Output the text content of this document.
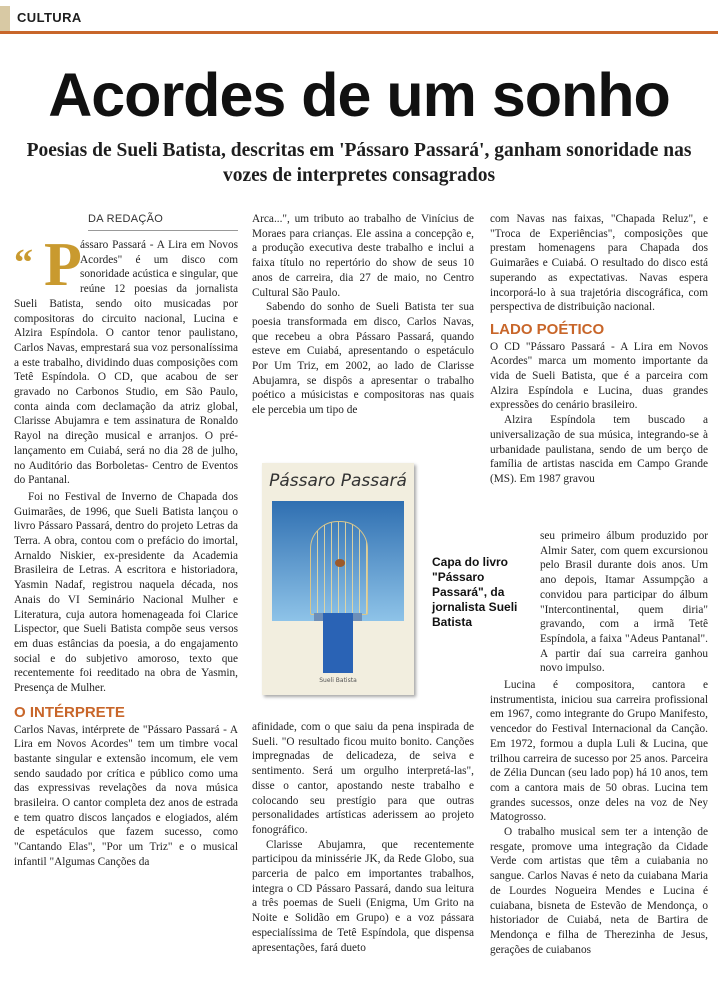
CULTURA
Acordes de um sonho
Poesias de Sueli Batista, descritas em 'Pássaro Passará', ganham sonoridade nas vozes de interpretes consagrados
DA REDAÇÃO
“ P

ássaro Passará - A Lira em Novos Acordes" é um disco com sonoridade acústica e singular, que reúne 12 poesias da jornalista Sueli Batista, sendo oito musicadas por compositoras do circuito nacional, Lucina e Alzira Espíndola. O cantor tenor paulistano, Carlos Navas, emprestará sua voz personalíssima a este trabalho, dividindo duas composições com Tetê Espíndola. O CD, que acabou de ser gravado no Carbonos Studio, em São Paulo, conta ainda com declamação da atriz global, Clarisse Abujamra e tem assinatura de Ronaldo Rayol na direção musical e arranjos. O pré-lançamento em Cuiabá, será no dia 28 de julho, no Auditório das Borboletas- Centro de Eventos do Pantanal.

Foi no Festival de Inverno de Chapada dos Guimarães, de 1996, que Sueli Batista lançou o livro Pássaro Passará, dentro do projeto Letras da Terra. A obra, contou com o prefácio do imortal, Arnaldo Niskier, ex-presidente da Academia Brasileira de Letras. A escritora e historiadora, Yasmin Nadaf, registrou naquela década, nos Anais do VI Seminário Nacional Mulher e Literatura, cuja autora homenageada foi Clarice Lispector, que Sueli Batista compõe seus versos em duas estâncias da poesia, a do engajamento social e do subjetivo amoroso, texto que recentemente foi reeditado na obra de Yasmin, Presença de Mulher.

O INTÉRPRETE

Carlos Navas, intérprete de "Pássaro Passará - A Lira em Novos Acordes" tem um timbre vocal bastante singular e extensão incomum, ele vem sendo saudado por crítica e público como uma das expressivas revelações da nova música brasileira. O cantor completa dez anos de estrada e tem quatro discos lançados e elogiados, além de espetáculos que fazem sucesso, como "Cantando Elas", "Por um Triz" e o musical infantil "Algumas Canções da

Arca...", um tributo ao trabalho de Vinícius de Moraes para crianças. Ele assina a concepção e, a produção executiva deste trabalho e inclui a faixa título no repertório do show de seus 10 anos de carreira, dia 27 de maio, no Centro Cultural São Paulo.

Sabendo do sonho de Sueli Batista ter sua poesia transformada em disco, Carlos Navas, que recebeu a obra Pássaro Passará, quando esteve em Cuiabá, apresentando o espetáculo Por Um Triz, em 2002, ao lado de Clarisse Abujamra, se dispôs a apresentar o trabalho poético a músicistas e compositoras nas quais ele percebia um tipo de

afinidade, com o que saiu da pena inspirada de Sueli. "O resultado ficou muito bonito. Canções impregnadas de delicadeza, de seiva e sentimento. Será um orgulho interpretá-las", disse o cantor, apostando neste trabalho e colocando seu prestígio para que outras personalidades artísticas aderissem ao projeto fonográfico.

Clarisse Abujamra, que recentemente participou da minissérie JK, da Rede Globo, sua parceria de palco em importantes trabalhos, integra o CD Pássaro Passará, dando sua leitura a três poemas de Sueli (Enigma, Um Grito na Noite e Solidão em Grupo) e a voz pássara especialíssima de Tetê Espíndola, que dispensa apresentações, fará dueto

Pássaro Passará
Sueli Batista
Capa do livro "Pássaro Passará", da jornalista Sueli Batista

com Navas nas faixas, "Chapada Reluz", e "Troca de Experiências", composições que prestam homenagens para Chapada dos Guimarães e Cuiabá. O resultado do disco está superando as expectativas. Navas espera incorporá-lo à sua trajetória discográfica, com perspectiva de distribuição nacional.

LADO POÉTICO

O CD "Pássaro Passará - A Lira em Novos Acordes" marca um momento importante da vida de Sueli Batista, que é a parceira com Alzira Espíndola e Lucina, duas grandes expressões do cenário brasileiro.

Alzira Espíndola tem buscado a universalização de sua música, integrando-se à urbanidade paulistana, sendo de um berço de família de artistas nascida em Campo Grande (MS). Em 1987 gravou

seu primeiro álbum produzido por Almir Sater, com quem excursionou pelo Brasil durante dois anos. Um ano depois, Itamar Assumpção a convidou para participar do álbum "Intercontinental, quem diria" gravando, com a irmã Tetê Espíndola, a faixa "Adeus Pantanal". A partir daí sua carreira ganhou novo impulso.

Lucina é compositora, cantora e instrumentista, iniciou sua carreira profissional em 1967, como integrante do Grupo Manifesto, vencedor do Festival Internacional da Canção. Em 1972, formou a dupla Luli & Lucina, que trilhou carreira de sucesso por 25 anos. Parceira de Zélia Duncan (seu lado pop) há 10 anos, tem com a cantora mais de 50 obras. Lucina tem grandes sucessos, onze deles na voz de Ney Matogrosso.

O trabalho musical sem ter a intenção de resgate, promove uma integração da Cidade Verde com artistas que têm a cuiabania no sangue. Carlos Navas é neto da cuiabana Maria de Lourdes Nogueira Mendes e Lucina é cuiabana, bisneta de Estevão de Mendonça, o historiador de Cuiabá, neta de Bartira de Mendonça e filha de Therezinha de Jesus, gerações de cuiabanos
